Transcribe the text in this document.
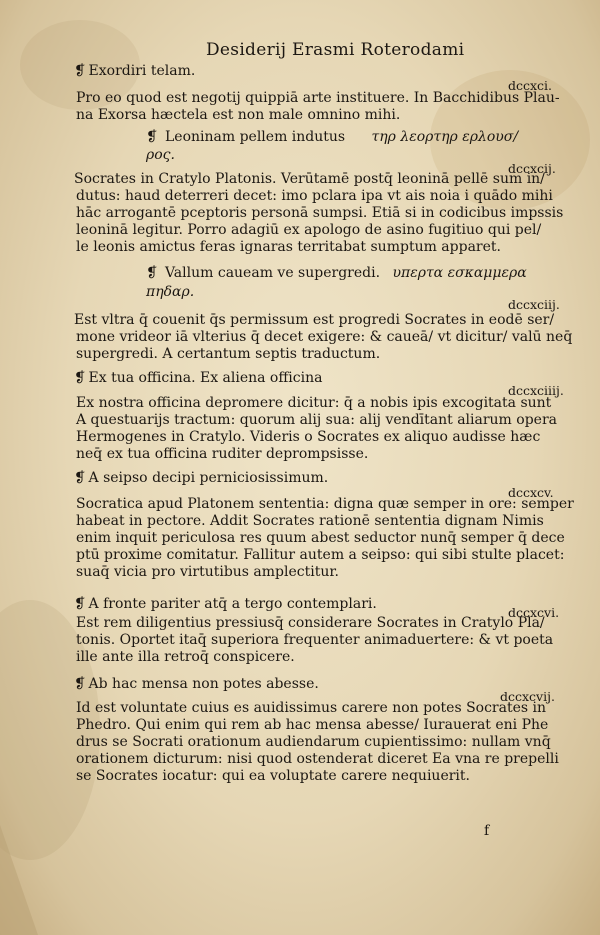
Desiderij Erasmi Roterodami
❡ Exordiri telam.
dccxci.
Pro eo quod est negotij quippiā arte instituere. In Bacchidibus Plau-
na Exorsa hæctela est non male omnino mihi.
❡ Leoninam pellem indutus τηρ λεορτηρ ερλουσ/
ρος.
dccxcij.
Socrates in Cratylo Platonis. Verūtamē postq̄ leoninā pellē sum in/
dutus: haud deterreri decet: imo pclara ipa vt ais noia i quādo mihi
hāc arrogantē pceptoris personā sumpsi. Etiā si in codicibus impssis
leoninā legitur. Porro adagiū ex apologo de asino fugitiuo qui pel/
le leonis amictus feras ignaras territabat sumptum apparet.
❡ Vallum caueam ve supergredi. υπερτα εσκαμμερα
πηδαρ.
dccxciij.
Est vltra q̄ couenit q̄s permissum est progredi Socrates in eodē ser/
mone vrideor iā vlterius q̄ decet exigere: & caueā/ vt dicitur/ valū neq̄
supergredi. A certantum septis traductum.
❡ Ex tua officina. Ex aliena officina
dccxciiij.
Ex nostra officina depromere dicitur: q̄ a nobis ipis excogitata sunt
A questuarijs tractum: quorum alij sua: alij vendītant aliarum opera
Hermogenes in Cratylo. Videris o Socrates ex aliquo audisse hæc
neq̄ ex tua officina ruditer deprompsisse.
❡ A seipso decipi perniciosissimum.
dccxcv.
Socratica apud Platonem sententia: digna quæ semper in ore: semper
habeat in pectore. Addit Socrates rationē sententia dignam Nimis
enim inquit periculosa res quum abest seductor nunq̄ semper q̄ dece
ptū proxime comitatur. Fallitur autem a seipso: qui sibi stulte placet:
suaq̄ vicia pro virtutibus amplectitur.
❡ A fronte pariter atq̄ a tergo contemplari.
dccxcvi.
Est rem diligentius pressiusq̄ considerare Socrates in Cratylo Pla/
tonis. Oportet itaq̄ superiora frequenter animaduertere: & vt poeta
ille ante illa retroq̄ conspicere.
❡ Ab hac mensa non potes abesse.
dccxcvij.
Id est voluntate cuius es auidissimus carere non potes Socrates in
Phedro. Qui enim qui rem ab hac mensa abesse/ Iurauerat eni Phe
drus se Socrati orationum audiendarum cupientissimo: nullam vnq̄
orationem dicturum: nisi quod ostenderat diceret Ea vna re prepelli
se Socrates iocatur: qui ea voluptate carere nequiuerit.
f
